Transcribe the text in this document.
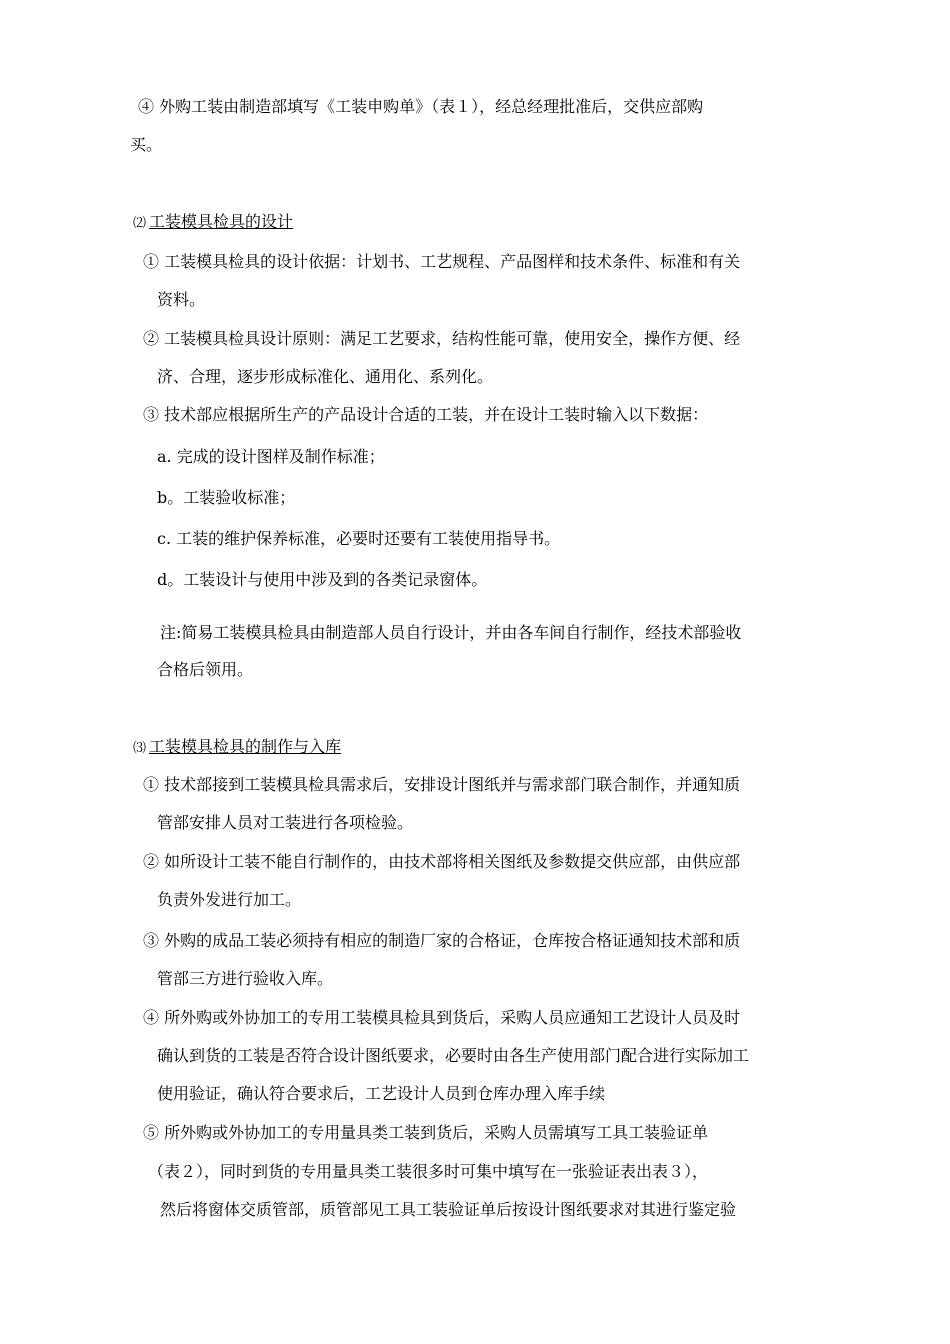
④ 外购工装由制造部填写《工装申购单》（表１），经总经理批准后，交供应部购
买。
⑵ 工装模具检具的设计
① 工装模具检具的设计依据：计划书、工艺规程、产品图样和技术条件、标准和有关
资料。
② 工装模具检具设计原则：满足工艺要求，结构性能可靠，使用安全，操作方便、经
济、合理，逐步形成标准化、通用化、系列化。
③ 技术部应根据所生产的产品设计合适的工装，并在设计工装时输入以下数据：
a. 完成的设计图样及制作标准；
b。工装验收标准；
c. 工装的维护保养标准，必要时还要有工装使用指导书。
d。工装设计与使用中涉及到的各类记录窗体。
注:简易工装模具检具由制造部人员自行设计，并由各车间自行制作，经技术部验收
合格后领用。
⑶ 工装模具检具的制作与入库
① 技术部接到工装模具检具需求后，安排设计图纸并与需求部门联合制作，并通知质
管部安排人员对工装进行各项检验。
② 如所设计工装不能自行制作的，由技术部将相关图纸及参数提交供应部，由供应部
负责外发进行加工。
③ 外购的成品工装必须持有相应的制造厂家的合格证，仓库按合格证通知技术部和质
管部三方进行验收入库。
④ 所外购或外协加工的专用工装模具检具到货后，采购人员应通知工艺设计人员及时
确认到货的工装是否符合设计图纸要求，必要时由各生产使用部门配合进行实际加工
使用验证，确认符合要求后，工艺设计人员到仓库办理入库手续
⑤ 所外购或外协加工的专用量具类工装到货后，采购人员需填写工具工装验证单
（表２），同时到货的专用量具类工装很多时可集中填写在一张验证表出表３），
然后将窗体交质管部，质管部见工具工装验证单后按设计图纸要求对其进行鉴定验
